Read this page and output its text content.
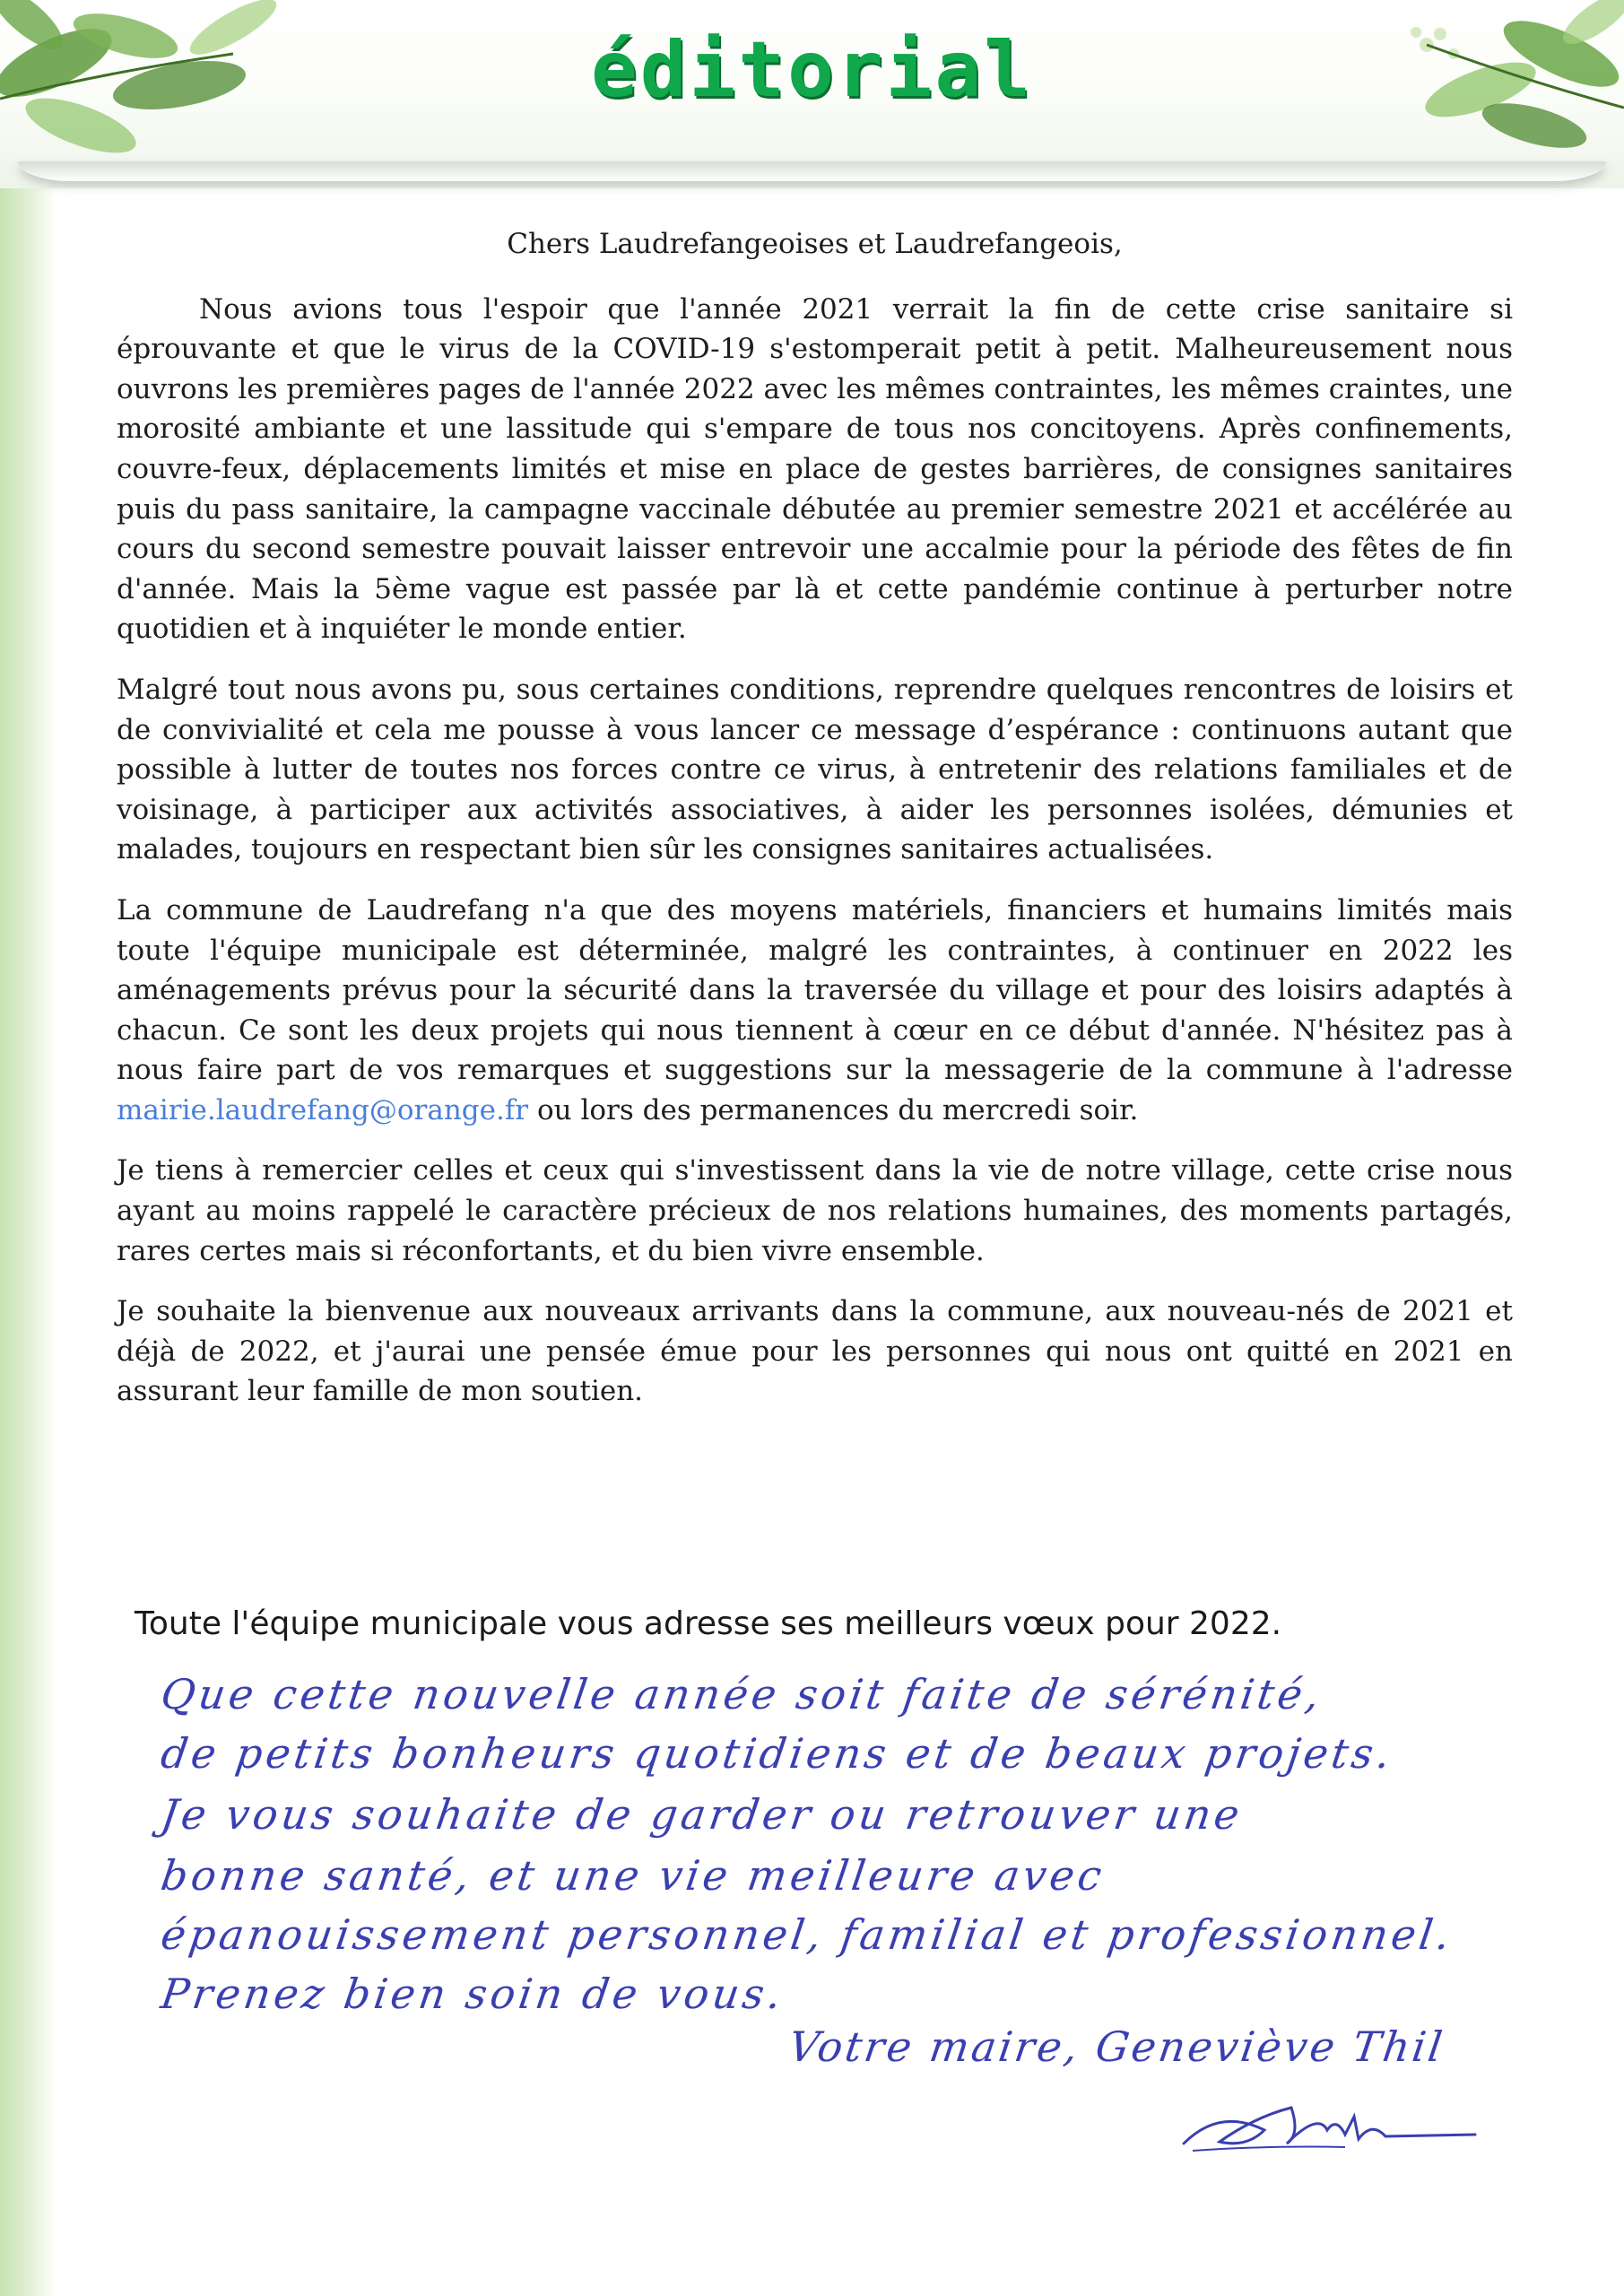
éditorial

Chers Laudrefangeoises et Laudrefangeois,

Nous avions tous l'espoir que l'année 2021 verrait la fin de cette crise sanitaire si éprouvante et que le virus de la COVID-19 s'estomperait petit à petit. Malheureusement nous ouvrons les premières pages de l'année 2022 avec les mêmes contraintes, les mêmes craintes, une morosité ambiante et une lassitude qui s'empare de tous nos concitoyens. Après confinements, couvre-feux, déplacements limités et mise en place de gestes barrières, de consignes sanitaires puis du pass sanitaire, la campagne vaccinale débutée au premier semestre 2021 et accélérée au cours du second semestre pouvait laisser entrevoir une accalmie pour la période des fêtes de fin d'année. Mais la 5ème vague est passée par là et cette pandémie continue à perturber notre quotidien et à inquiéter le monde entier.

Malgré tout nous avons pu, sous certaines conditions, reprendre quelques rencontres de loisirs et de convivialité et cela me pousse à vous lancer ce message d’espérance : continuons autant que possible à lutter de toutes nos forces contre ce virus, à entretenir des relations familiales et de voisinage, à participer aux activités associatives, à aider les personnes isolées, démunies et malades, toujours en respectant bien sûr les consignes sanitaires actualisées.

La commune de Laudrefang n'a que des moyens matériels, financiers et humains limités mais toute l'équipe municipale est déterminée, malgré les contraintes, à continuer en 2022 les aménagements prévus pour la sécurité dans la traversée du village et pour des loisirs adaptés à chacun. Ce sont les deux projets qui nous tiennent à cœur en ce début d'année. N'hésitez pas à nous faire part de vos remarques et suggestions sur la messagerie de la commune à l'adresse mairie.laudrefang@orange.fr ou lors des permanences du mercredi soir.

Je tiens à remercier celles et ceux qui s'investissent dans la vie de notre village, cette crise nous ayant au moins rappelé le caractère précieux de nos relations humaines, des moments partagés, rares certes mais si réconfortants, et du bien vivre ensemble.

Je souhaite la bienvenue aux nouveaux arrivants dans la commune, aux nouveau-nés de 2021 et déjà de 2022, et j'aurai une pensée émue pour les personnes qui nous ont quitté en 2021 en assurant leur famille de mon soutien.

Toute l'équipe municipale vous adresse ses meilleurs vœux pour 2022.
Que cette nouvelle année soit faite de sérénité,
de petits bonheurs quotidiens et de beaux projets.
Je vous souhaite de garder ou retrouver une
bonne santé, et une vie meilleure avec
épanouissement personnel, familial et professionnel.
Prenez bien soin de vous.
Votre maire, Geneviève Thil
